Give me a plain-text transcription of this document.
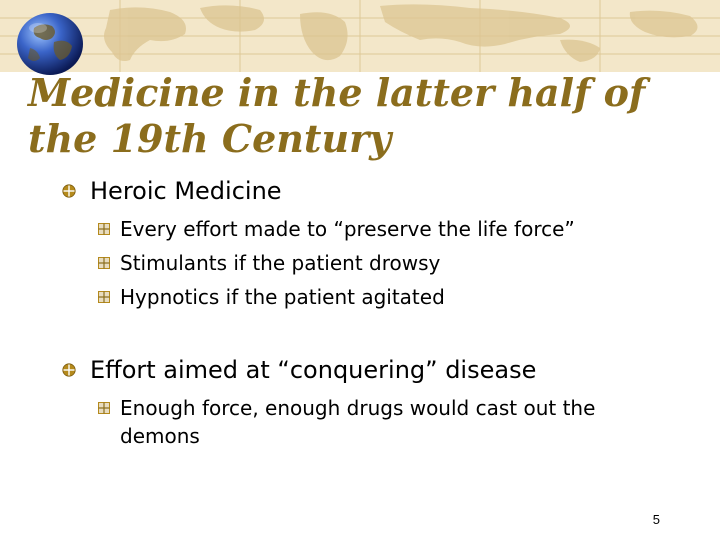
Medicine in the latter half of the 19th Century
Heroic Medicine
Every effort made to “preserve the life force”
Stimulants if the patient drowsy
Hypnotics if the patient agitated
Effort aimed at “conquering” disease
Enough force, enough drugs would cast out the demons
5
